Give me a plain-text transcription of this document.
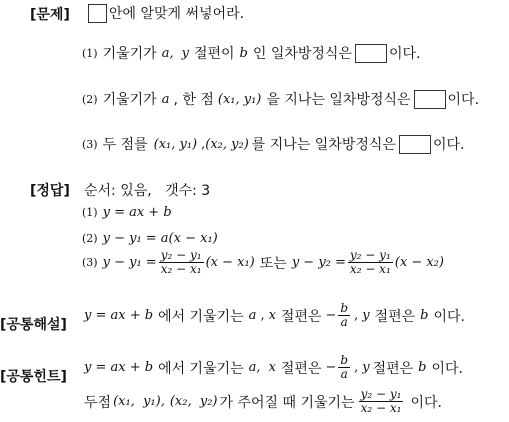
[문제]	안에 알맞게 써넣어라.
(1) 기울기가 a, y 절편이 b 인 일차방정식은	이다.
(2) 기울기가 a , 한 점 (x₁, y₁) 을 지나는 일차방정식은	이다.
(3) 두 점를 (x₁, y₁) , (x₂, y₂) 를 지나는 일차방정식은	이다.
[정답] 순서: 있음,   갯수: 3
(1) y = ax + b
(2) y − y₁ = a(x − x₁)
(3) $y - y_1 = \frac{\text{y₂ − y₁}}{\text{x₂ − x₁}} (x - x_1)$ 또는 $y - y_2 = \frac{\text{y₂ − y₁}}{\text{x₂ − x₁}} (x - x_2)$
[공통해설]
y = ax + b 에서 기울기는 a , x 절편은 − $\frac{b}{a}$ , y 절편은 b 이다.
[공통힌트]
y = ax + b 에서 기울기는 a, x 절편은 − $\frac{b}{a}$ , y 절편은 b 이다.
두점 (x₁,  y₁), (x₂,  y₂) 가 주어질 때 기울기는 $\frac{\text{y₂ − y₁}}{\text{x₂ − x₁}}$ 이다.
